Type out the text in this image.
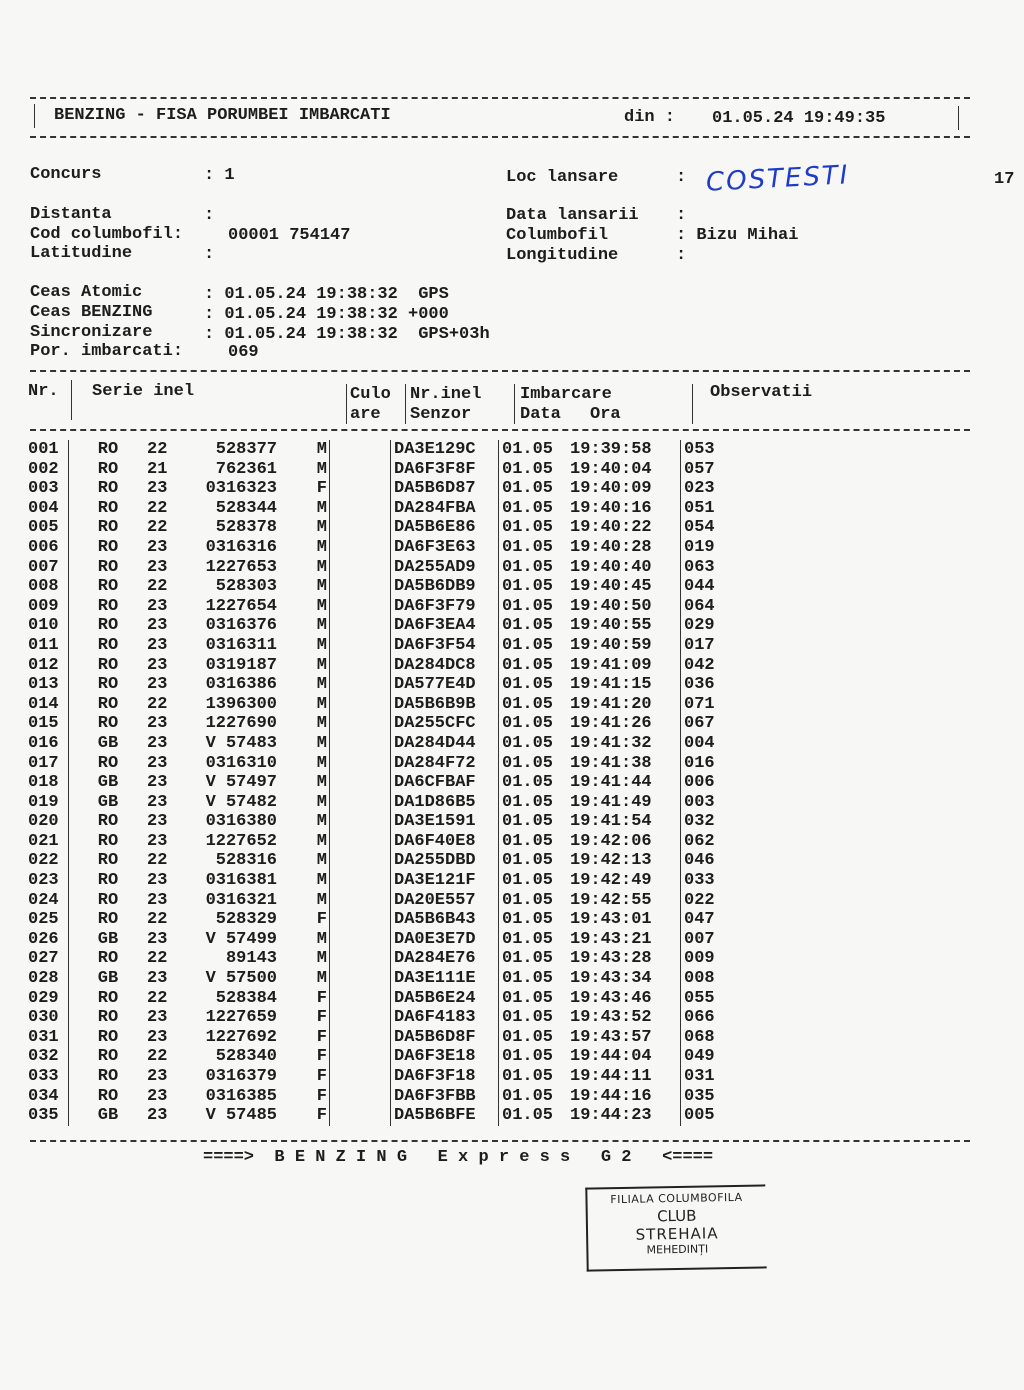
BENZING - FISA PORUMBEI IMBARCATI	din : 01.05.24 19:49:35
Concurs	: 1	Loc lansare	: COSTESTI	17
Distanta	:
Cod columbofil:	00001 754147
Latitudine	:
Data lansarii :
Columbofil	: Bizu Mihai
Longitudine	:
Ceas Atomic	: 01.05.24 19:38:32  GPS
Ceas BENZING	: 01.05.24 19:38:32 +000
Sincronizare	: 01.05.24 19:38:32  GPS+03h
Por. imbarcati:	069
Nr. Serie inel	Culo
are
Nr.inel
Senzor
Imbarcare
Data Ora
Observatii
001	RO	22	528377	M		DA3E129C	01.05	19:39:58	053
002	RO	21	762361	M		DA6F3F8F	01.05	19:40:04	057
003	RO	23	0316323	F		DA5B6D87	01.05	19:40:09	023
004	RO	22	528344	M		DA284FBA	01.05	19:40:16	051
005	RO	22	528378	M		DA5B6E86	01.05	19:40:22	054
006	RO	23	0316316	M		DA6F3E63	01.05	19:40:28	019
007	RO	23	1227653	M		DA255AD9	01.05	19:40:40	063
008	RO	22	528303	M		DA5B6DB9	01.05	19:40:45	044
009	RO	23	1227654	M		DA6F3F79	01.05	19:40:50	064
010	RO	23	0316376	M		DA6F3EA4	01.05	19:40:55	029
011	RO	23	0316311	M		DA6F3F54	01.05	19:40:59	017
012	RO	23	0319187	M		DA284DC8	01.05	19:41:09	042
013	RO	23	0316386	M		DA577E4D	01.05	19:41:15	036
014	RO	22	1396300	M		DA5B6B9B	01.05	19:41:20	071
015	RO	23	1227690	M		DA255CFC	01.05	19:41:26	067
016	GB	23	V 57483	M		DA284D44	01.05	19:41:32	004
017	RO	23	0316310	M		DA284F72	01.05	19:41:38	016
018	GB	23	V 57497	M		DA6CFBAF	01.05	19:41:44	006
019	GB	23	V 57482	M		DA1D86B5	01.05	19:41:49	003
020	RO	23	0316380	M		DA3E1591	01.05	19:41:54	032
021	RO	23	1227652	M		DA6F40E8	01.05	19:42:06	062
022	RO	22	528316	M		DA255DBD	01.05	19:42:13	046
023	RO	23	0316381	M		DA3E121F	01.05	19:42:49	033
024	RO	23	0316321	M		DA20E557	01.05	19:42:55	022
025	RO	22	528329	F		DA5B6B43	01.05	19:43:01	047
026	GB	23	V 57499	M		DA0E3E7D	01.05	19:43:21	007
027	RO	22	89143	M		DA284E76	01.05	19:43:28	009
028	GB	23	V 57500	M		DA3E111E	01.05	19:43:34	008
029	RO	22	528384	F		DA5B6E24	01.05	19:43:46	055
030	RO	23	1227659	F		DA6F4183	01.05	19:43:52	066
031	RO	23	1227692	F		DA5B6D8F	01.05	19:43:57	068
032	RO	22	528340	F		DA6F3E18	01.05	19:44:04	049
033	RO	23	0316379	F		DA6F3F18	01.05	19:44:11	031
034	RO	23	0316385	F		DA6F3FBB	01.05	19:44:16	035
035	GB	23	V 57485	F		DA5B6BFE	01.05	19:44:23	005
====>  B E N Z I N G   E x p r e s s   G 2   <====
FILIALA COLUMBOFILA
CLUB
STREHAIA
MEHEDINȚI
